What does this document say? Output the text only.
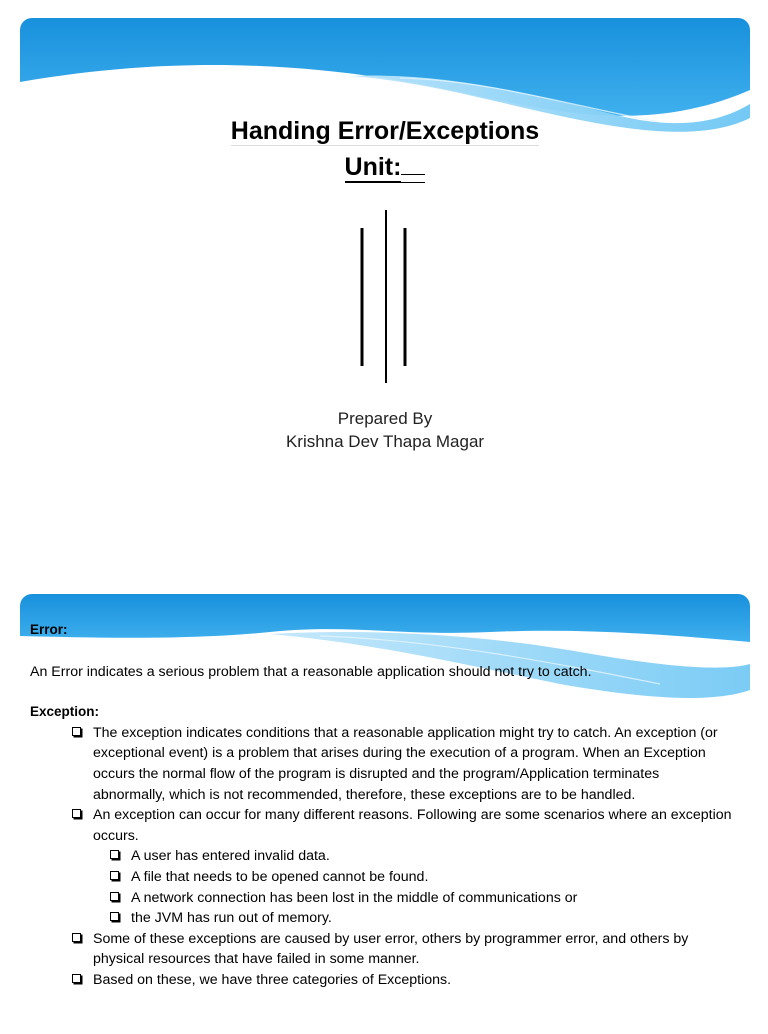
Handing Error/Exceptions
Unit:
Prepared By
Krishna Dev Thapa Magar
Error:
An Error indicates a serious problem that a reasonable application should not try to catch.
Exception:
The exception indicates conditions that a reasonable application might try to catch. An exception (or exceptional event) is a problem that arises during the execution of a program. When an Exception occurs the normal flow of the program is disrupted and the program/Application terminates abnormally, which is not recommended, therefore, these exceptions are to be handled.
An exception can occur for many different reasons. Following are some scenarios where an exception occurs.
A user has entered invalid data.
A file that needs to be opened cannot be found.
A network connection has been lost in the middle of communications or
the JVM has run out of memory.
Some of these exceptions are caused by user error, others by programmer error, and others by physical resources that have failed in some manner.
Based on these, we have three categories of Exceptions.
